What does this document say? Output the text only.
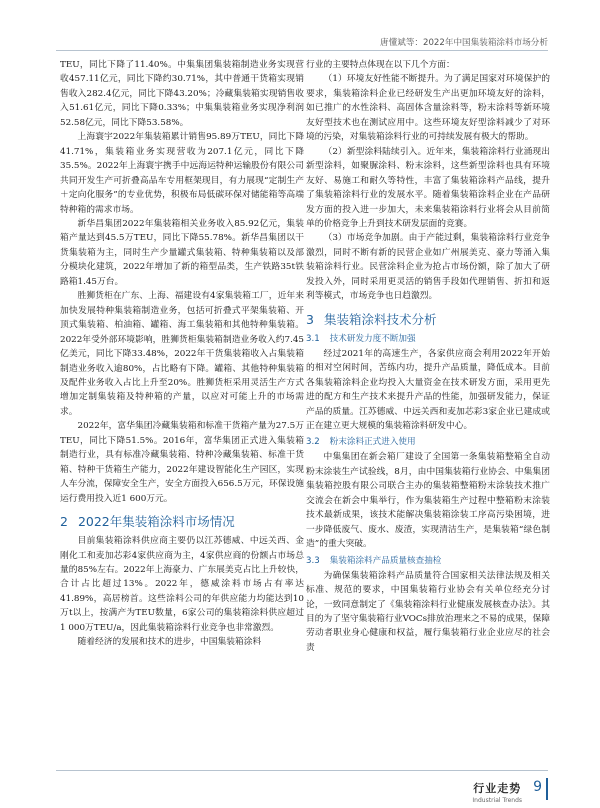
唐懂斌等：2022年中国集装箱涂料市场分析

TEU，同比下降了11.40%。中集集团集装箱制造业务实现营收457.11亿元，同比下降约30.71%，其中普通干货箱实现销售收入282.4亿元，同比下降43.20%；冷藏集装箱实现销售收入51.61亿元，同比下降0.33%；中集集装箱业务实现净利润52.58亿元，同比下降53.58%。

上海寰宇2022年集装箱累计销售95.89万TEU，同比下降41.71%，集装箱业务实现营收为207.1亿元，同比下降35.5%。2022年上海寰宇携手中远海运特种运输股份有限公司共同开发生产可折叠高品车专用框架现目，有力展现“定制生产＋定向化服务”的专业优势，积极布局低碳环保对储能箱等高端特种箱的需求市场。

新华昌集团2022年集装箱相关业务收入85.92亿元，集装箱产量达到45.5万TEU，同比下降55.78%。新华昌集团以干货集装箱为主，同时生产少量罐式集装箱、特种集装箱以及部分模块化建筑，2022年增加了新的箱型品类，生产铁路35t铁路箱1.45万台。

胜狮货柜在广东、上海、福建设有4家集装箱工厂，近年来加快发展特种集装箱制造业务，包括可折叠式平架集装箱、开顶式集装箱、柏油箱、罐箱、海工集装箱和其他特种集装箱。2022年受外部环境影响，胜狮货柜集装箱制造业务收入约7.45亿美元，同比下降33.48%，2022年干货集装箱收入占集装箱制造业务收入逾80%，占比略有下降。罐箱、其他特种集装箱及配件业务收入占比上升至20%。胜狮货柜采用灵活生产方式增加定制集装箱及特种箱的产量，以应对可能上升的市场需求。

2022年，富华集团冷藏集装箱和标准干货箱产量为27.5万TEU，同比下降51.5%。2016年，富华集团正式进入集装箱制造行业，具有标准冷藏集装箱、特种冷藏集装箱、标准干货箱、特种干货箱生产能力，2022年建设智能化生产园区，实现人车分流，保障安全生产，安全方面投入656.5万元，环保设施运行费用投入近1 600万元。

2 2022年集装箱涂料市场情况

目前集装箱涂料供应商主要仍以江苏德威、中远关西、金刚化工和麦加芯彩4家供应商为主，4家供应商的份额占市场总量的85%左右。2022年上海豪力、广东展美克占比上升较快，合计占比超过13%。2022年，德威涂料市场占有率达41.89%，高居榜首。这些涂料公司的年供应能力均能达到10万t以上，按满产为TEU数量，6家公司的集装箱涂料供应超过1 000万TEU/a，因此集装箱涂料行业竞争也非常激烈。

随着经济的发展和技术的进步，中国集装箱涂料

行业的主要特点体现在以下几个方面：

（1）环境友好性能不断提升。为了满足国家对环境保护的要求，集装箱涂料企业已经研发生产出更加环境友好的涂料，如已推广的水性涂料、高固体含量涂料等，粉末涂料等新环境友好型技术也在测试应用中。这些环境友好型涂料减少了对环境的污染，对集装箱涂料行业的可持续发展有极大的帮助。

（2）新型涂料陆续引入。近年来，集装箱涂料行业涌现出新型涂料，如聚脲涂料、粉末涂料，这些新型涂料也具有环境友好、易施工和耐久等特性，丰富了集装箱涂料产品线，提升了集装箱涂料行业的发展水平。随着集装箱涂料企业在产品研发方面的投入进一步加大，未来集装箱涂料行业将会从目前简单的价格竞争上升到技术研发层面的竞赛。

（3）市场竞争加剧。由于产能过剩，集装箱涂料行业竞争激烈，同时不断有新的民营企业如广州展美克、豪力等涌入集装箱涂料行业。民营涂料企业为抢占市场份额，除了加大了研发投入外，同时采用更灵活的销售手段如代理销售、折扣和返利等模式，市场竞争也日趋激烈。

3 集装箱涂料技术分析
3.1 技术研发力度不断加强

经过2021年的高速生产，各家供应商会利用2022年开始的相对空闲时间，苦练内功，提升产品质量，降低成本。目前各集装箱涂料企业均投入大量资金在技术研发方面，采用更先进的配方和生产技术来提升产品的性能，加强研发能力，保证产品的质量。江苏德威、中远关西和麦加芯彩3家企业已建成或正在建立更大规模的集装箱涂料研发中心。

3.2 粉末涂料正式进入使用

中集集团在新会箱厂建设了全国第一条集装箱整箱全自动粉末涂装生产试验线，8月，由中国集装箱行业协会、中集集团集装箱控股有限公司联合主办的集装箱整箱粉末涂装技术推广交流会在新会中集举行，作为集装箱生产过程中整箱粉末涂装技术最新成果，该技术能解决集装箱涂装工序高污染困境，进一步降低废气、废水、废渣，实现清洁生产，是集装箱“绿色制造”的重大突破。

3.3 集装箱涂料产品质量核查抽检

为确保集装箱涂料产品质量符合国家相关法律法规及相关标准、规范的要求，中国集装箱行业协会有关单位经充分讨论，一致同意制定了《集装箱涂料行业健康发展核查办法》。其目的为了坚守集装箱行业VOCs排放治理来之不易的成果，保障劳动者职业身心健康和权益，履行集装箱行业企业应尽的社会责

行业走势
Industrial Trends
9
